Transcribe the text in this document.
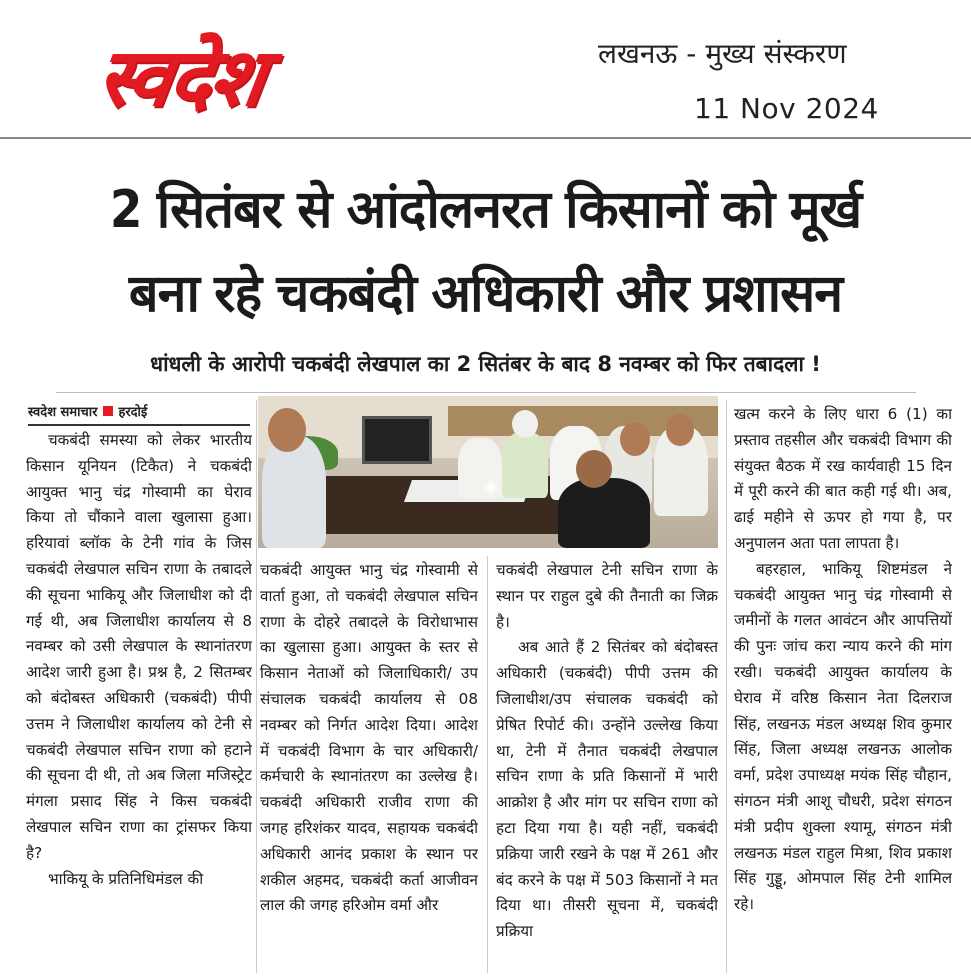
स्वदेश	लखनऊ - मुख्य संस्करण
11 Nov 2024
2 सितंबर से आंदोलनरत किसानों को मूर्ख
बना रहे चकबंदी अधिकारी और प्रशासन
धांधली के आरोपी चकबंदी लेखपाल का 2 सितंबर के बाद 8 नवम्बर को फिर तबादला !
स्वदेश समाचार हरदोई
◉

चकबंदी समस्या को लेकर भारतीय किसान यूनियन (टिकैत) ने चकबंदी आयुक्त भानु चंद्र गोस्वामी का घेराव किया तो चौंकाने वाला खुलासा हुआ। हरियावां ब्लॉक के टेनी गांव के जिस चकबंदी लेखपाल सचिन राणा के तबादले की सूचना भाकियू और जिलाधीश को दी गई थी, अब जिलाधीश कार्यालय से 8 नवम्बर को उसी लेखपाल के स्थानांतरण आदेश जारी हुआ है। प्रश्न है, 2 सितम्बर को बंदोबस्त अधिकारी (चकबंदी) पीपी उत्तम ने जिलाधीश कार्यालय को टेनी से चकबंदी लेखपाल सचिन राणा को हटाने की सूचना दी थी, तो अब जिला मजिस्ट्रेट मंगला प्रसाद सिंह ने किस चकबंदी लेखपाल सचिन राणा का ट्रांसफर किया है?

भाकियू के प्रतिनिधिमंडल की

चकबंदी आयुक्त भानु चंद्र गोस्वामी से वार्ता हुआ, तो चकबंदी लेखपाल सचिन राणा के दोहरे तबादले के विरोधाभास का खुलासा हुआ। आयुक्त के स्तर से किसान नेताओं को जिलाधिकारी/ उप संचालक चकबंदी कार्यालय से 08 नवम्बर को निर्गत आदेश दिया। आदेश में चकबंदी विभाग के चार अधिकारी/कर्मचारी के स्थानांतरण का उल्लेख है। चकबंदी अधिकारी राजीव राणा की जगह हरिशंकर यादव, सहायक चकबंदी अधिकारी आनंद प्रकाश के स्थान पर शकील अहमद, चकबंदी कर्ता आजीवन लाल की जगह हरिओम वर्मा और

चकबंदी लेखपाल टेनी सचिन राणा के स्थान पर राहुल दुबे की तैनाती का जिक्र है।

अब आते हैं 2 सितंबर को बंदोबस्त अधिकारी (चकबंदी) पीपी उत्तम की जिलाधीश/उप संचालक चकबंदी को प्रेषित रिपोर्ट की। उन्होंने उल्लेख किया था, टेनी में तैनात चकबंदी लेखपाल सचिन राणा के प्रति किसानों में भारी आक्रोश है और मांग पर सचिन राणा को हटा दिया गया है। यही नहीं, चकबंदी प्रक्रिया जारी रखने के पक्ष में 261 और बंद करने के पक्ष में 503 किसानों ने मत दिया था। तीसरी सूचना में, चकबंदी प्रक्रिया

खत्म करने के लिए धारा 6 (1) का प्रस्ताव तहसील और चकबंदी विभाग की संयुक्त बैठक में रख कार्यवाही 15 दिन में पूरी करने की बात कही गई थी। अब, ढाई महीने से ऊपर हो गया है, पर अनुपालन अता पता लापता है।

बहरहाल, भाकियू शिष्टमंडल ने चकबंदी आयुक्त भानु चंद्र गोस्वामी से जमीनों के गलत आवंटन और आपत्तियों की पुनः जांच करा न्याय करने की मांग रखी। चकबंदी आयुक्त कार्यालय के घेराव में वरिष्ठ किसान नेता दिलराज सिंह, लखनऊ मंडल अध्यक्ष शिव कुमार सिंह, जिला अध्यक्ष लखनऊ आलोक वर्मा, प्रदेश उपाध्यक्ष मयंक सिंह चौहान, संगठन मंत्री आशू चौधरी, प्रदेश संगठन मंत्री प्रदीप शुक्ला श्यामू, संगठन मंत्री लखनऊ मंडल राहुल मिश्रा, शिव प्रकाश सिंह गुड्डू, ओमपाल सिंह टेनी शामिल रहे।
